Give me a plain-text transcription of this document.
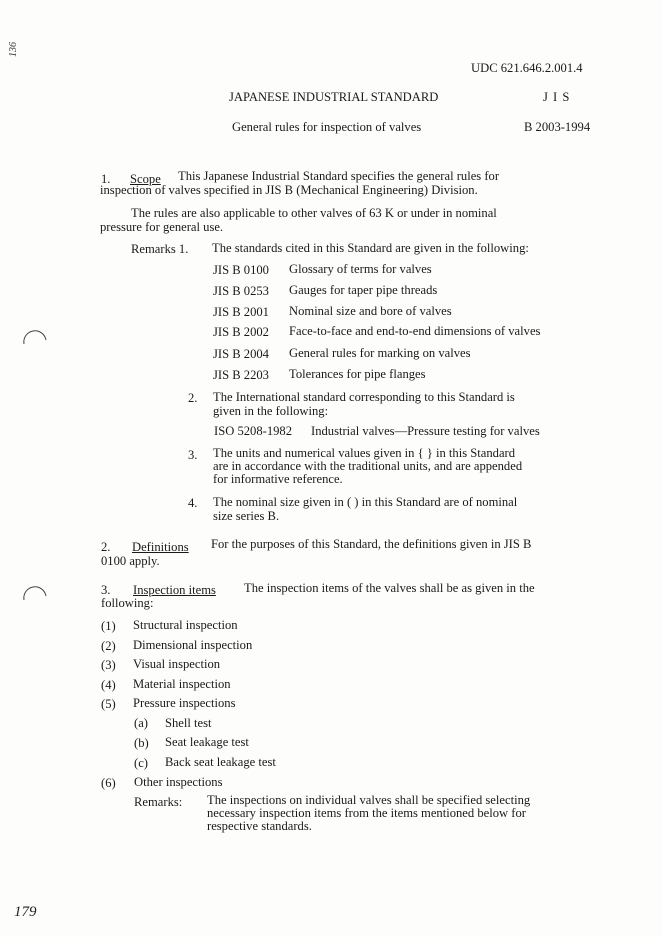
136
179
UDC 621.646.2.001.4
JAPANESE INDUSTRIAL STANDARD	J I S
General rules for inspection of valves	B 2003-1994
1. Scope This Japanese Industrial Standard specifies the general rules for
inspection of valves specified in JIS B (Mechanical Engineering) Division.
The rules are also applicable to other valves of 63 K or under in nominal
pressure for general use.
Remarks 1. The standards cited in this Standard are given in the following:
JIS B 0100 Glossary of terms for valves
JIS B 0253 Gauges for taper pipe threads
JIS B 2001 Nominal size and bore of valves
JIS B 2002 Face-to-face and end-to-end dimensions of valves
JIS B 2004 General rules for marking on valves
JIS B 2203 Tolerances for pipe flanges
2. The International standard corresponding to this Standard is
given in the following:
ISO 5208-1982 Industrial valves—Pressure testing for valves
3. The units and numerical values given in { } in this Standard
are in accordance with the traditional units, and are appended
for informative reference.
4. The nominal size given in ( ) in this Standard are of nominal
size series B.
2. Definitions For the purposes of this Standard, the definitions given in JIS B
0100 apply.
3. Inspection items The inspection items of the valves shall be as given in the
following:
(1) Structural inspection
(2) Dimensional inspection
(3) Visual inspection
(4) Material inspection
(5) Pressure inspections
(a) Shell test
(b) Seat leakage test
(c) Back seat leakage test
(6) Other inspections
Remarks: The inspections on individual valves shall be specified selecting
necessary inspection items from the items mentioned below for
respective standards.
